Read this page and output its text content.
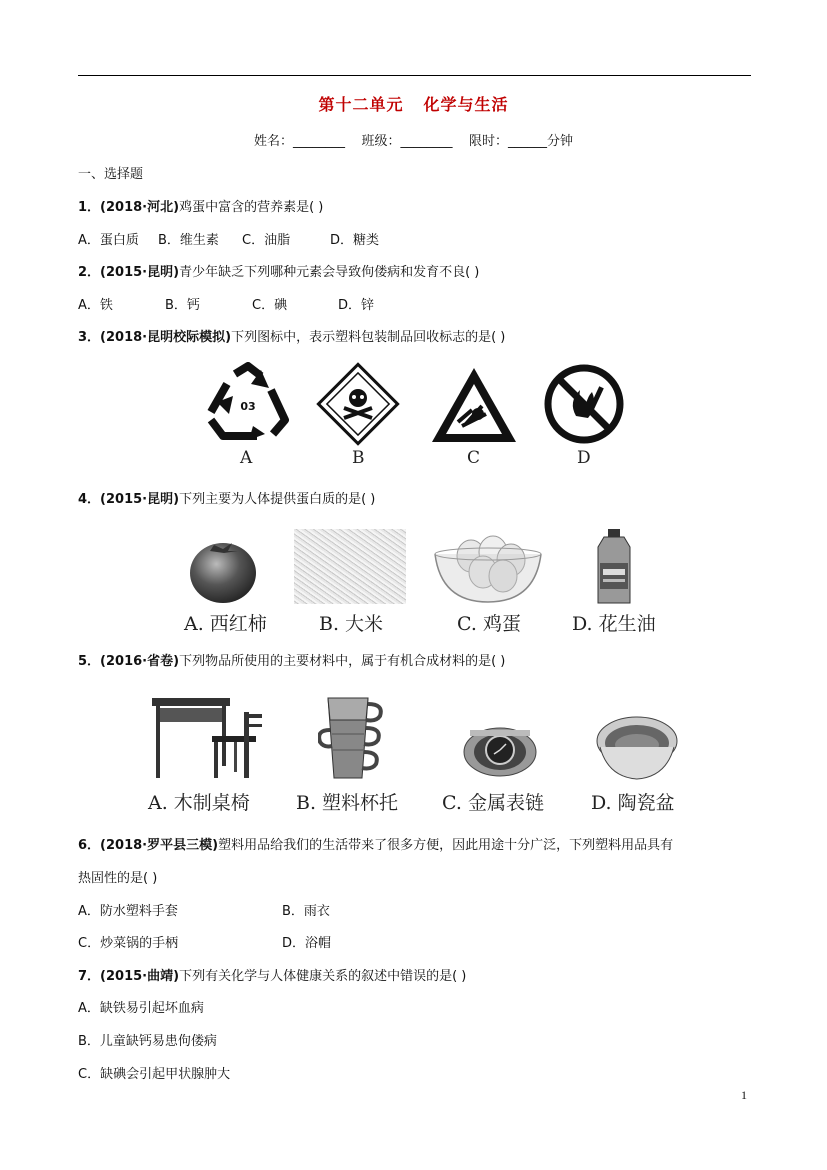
第十二单元 化学与生活
姓名：________    班级：________    限时：______分钟
一、选择题
1．(2018·河北)鸡蛋中富含的营养素是( )
A．蛋白质 B．维生素 C．油脂	D．糖类
2．(2015·昆明)青少年缺乏下列哪种元素会导致佝偻病和发育不良( )
A．铁	B．钙	C．碘	D．锌
3．(2018·昆明校际模拟)下列图标中，表示塑料包装制品回收标志的是( )
03
A	B	C	D
4．(2015·昆明)下列主要为人体提供蛋白质的是( )
A. 西红柿	B. 大米	C. 鸡蛋	D. 花生油
5．(2016·省卷)下列物品所使用的主要材料中，属于有机合成材料的是( )
A. 木制桌椅 B. 塑料杯托 C. 金属表链 D. 陶瓷盆
6．(2018·罗平县三模)塑料用品给我们的生活带来了很多方便，因此用途十分广泛，下列塑料用品具有
热固性的是( )
A．防水塑料手套	B．雨衣
C．炒菜锅的手柄	D．浴帽
7．(2015·曲靖)下列有关化学与人体健康关系的叙述中错误的是( )
A．缺铁易引起坏血病
B．儿童缺钙易患佝偻病
C．缺碘会引起甲状腺肿大
1
